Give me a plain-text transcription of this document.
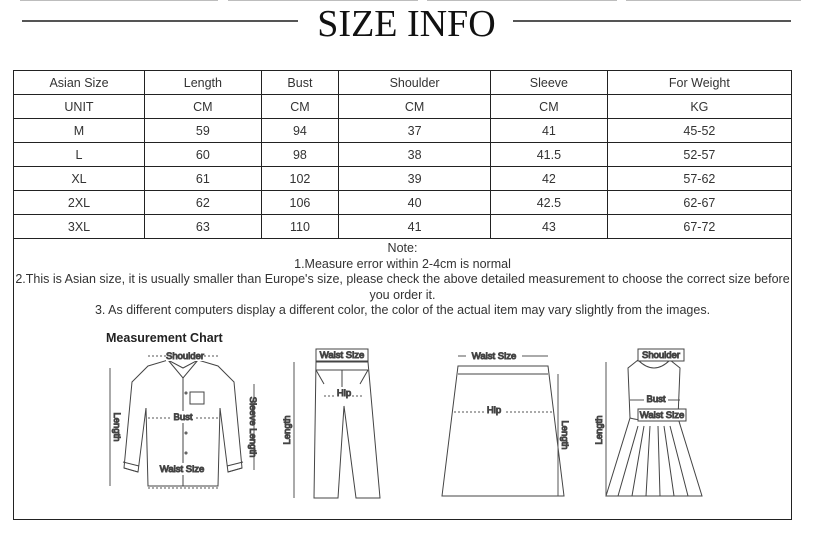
SIZE INFO
Asian Size	Length	Bust	Shoulder	Sleeve	For Weight
UNIT	CM	CM	CM	CM	KG
M	59	94	37	41	45-52
L	60	98	38	41.5	52-57
XL	61	102	39	42	57-62
2XL	62	106	40	42.5	62-67
3XL	63	110	41	43	67-72
Note:
1.Measure error within 2-4cm is normal
2.This is Asian size, it is usually smaller than Europe's size, please check the above detailed measurement to choose the correct size before you order it.
3. As different computers display a different color, the color of the actual item may vary slightly from the images.
Measurement Chart
Shoulder
Bust
Waist Size
Length	Sleeve Length
Waist Size
Hip
Length
Waist Size
Hip
Length
Shoulder
Bust
Waist Size
Length
